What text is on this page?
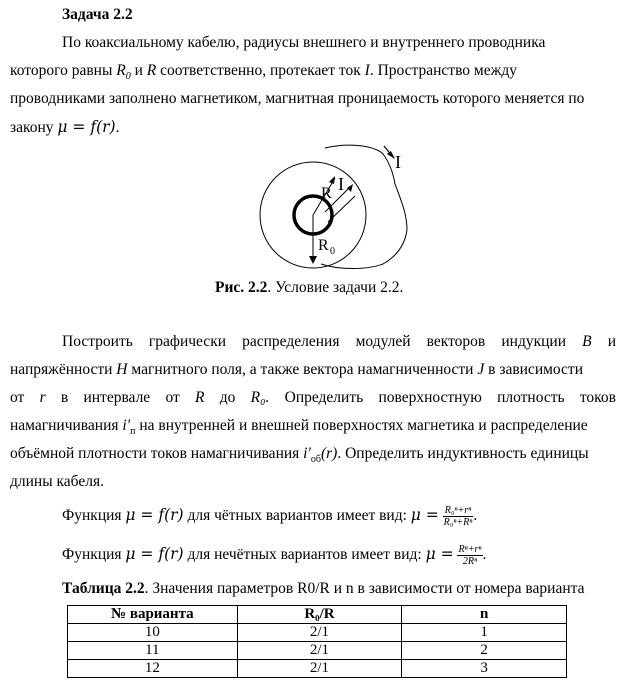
Задача 2.2
По коаксиальному кабелю, радиусы внешнего и внутреннего проводника
которого равны $R_0$ и R соответственно, протекает ток I. Пространство между
проводниками заполнено магнетиком, магнитная проницаемость которого меняется по
закону μ = f(r).
I
I
R
R 0
Рис. 2.2. Условие задачи 2.2.
Построить графически распределения модулей векторов индукции B и
напряжённости H магнитного поля, а также вектора намагниченности J в зависимости
от r в интервале от R до R₀. Определить поверхностную плотность токов
намагничивания $i'_п$ на внутренней и внешней поверхностях магнетика и распределение
объёмной плотности токов намагничивания $i'_{об}(r)$. Определить индуктивность единицы
длины кабеля.
Функция μ = f(r) для чётных вариантов имеет вид: $\mu = \frac{\text{R₀ⁿ+rⁿ}}{\text{R₀ⁿ+Rⁿ}}$ .
Функция μ = f(r) для нечётных вариантов имеет вид: $\mu = \frac{\text{Rⁿ+rⁿ}}{\text{2Rⁿ}}$ .
Таблица 2.2. Значения параметров R0/R и n в зависимости от номера варианта
№ варианта	R₀/R	n
10	2/1	1
11	2/1	2
12	2/1	3
